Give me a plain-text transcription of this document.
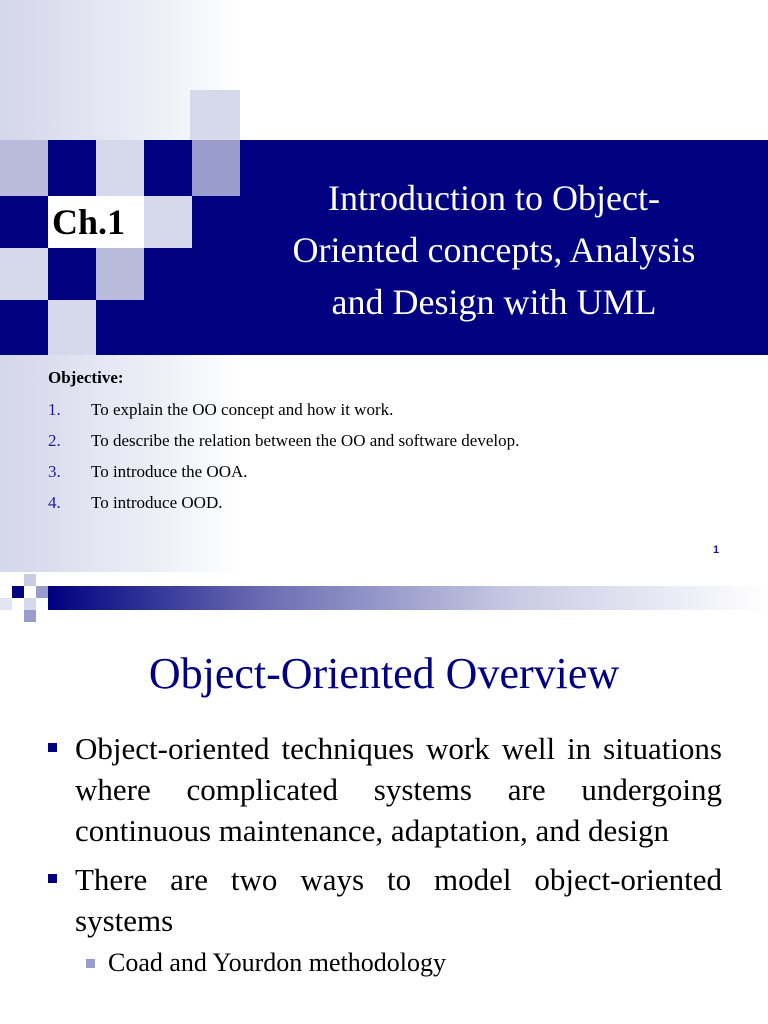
Ch.1
Introduction to Object-
Oriented concepts, Analysis
and Design with UML
Objective:
1. To explain the OO concept and how it work.
2. To describe the relation between the OO and software develop.
3. To introduce the OOA.
4. To introduce OOD.
1
Object-Oriented Overview
Object-oriented techniques work well in situations where complicated systems are undergoing continuous maintenance, adaptation, and design
There are two ways to model object-oriented systems
Coad and Yourdon methodology
